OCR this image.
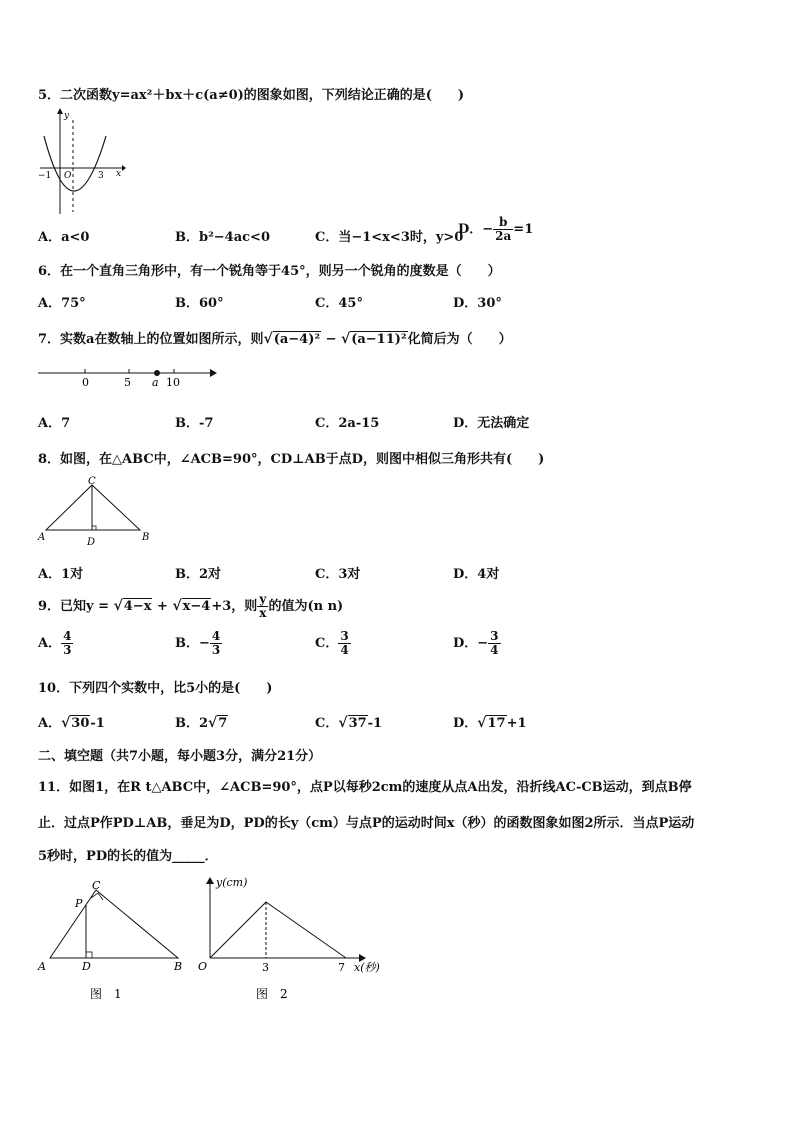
5．二次函数y=ax²＋bx＋c(a≠0)的图象如图，下列结论正确的是(　　)
y
x
O
−1	3
A．a<0	B．b²−4ac<0	C．当−1<x<3时，y>0
D．− $\frac{b}{2a} =1$
6．在一个直角三角形中，有一个锐角等于45°，则另一个锐角的度数是（　　）
A．75°	B．60°	C．45°	D．30°
7．实数a在数轴上的位置如图所示，则√(a−4)² − √(a−11)²化简后为（　　）
0	5 a 10
A．7	B．-7	C．2a-15	D．无法确定
8．如图，在△ABC中，∠ACB=90°，CD⊥AB于点D，则图中相似三角形共有(　　)
A	B
C
D
A．1对	B．2对	C．3对	D．4对
9．已知y = √4−x + √x−4+3，则 $\frac{y}{x}$ 的值为(n n)
A． $\frac{4}{3}$	B．− $\frac{4}{3}$	C． $\frac{3}{4}$	D．− $\frac{3}{4}$
10．下列四个实数中，比5小的是(　　)
A．√30-1	B．2√7	C．√37-1	D．√17+1
二、填空题（共7小题，每小题3分，满分21分）
11．如图1，在R t△ABC中，∠ACB=90°，点P以每秒2cm的速度从点A出发，沿折线AC-CB运动，到点B停
止．过点P作PD⊥AB，垂足为D，PD的长y（cm）与点P的运动时间x（秒）的函数图象如图2所示．当点P运动
5秒时，PD的长的值为_____．
A	B
C
D
P
图　1
y(cm)
O	3	7 x(秒)
图　2
